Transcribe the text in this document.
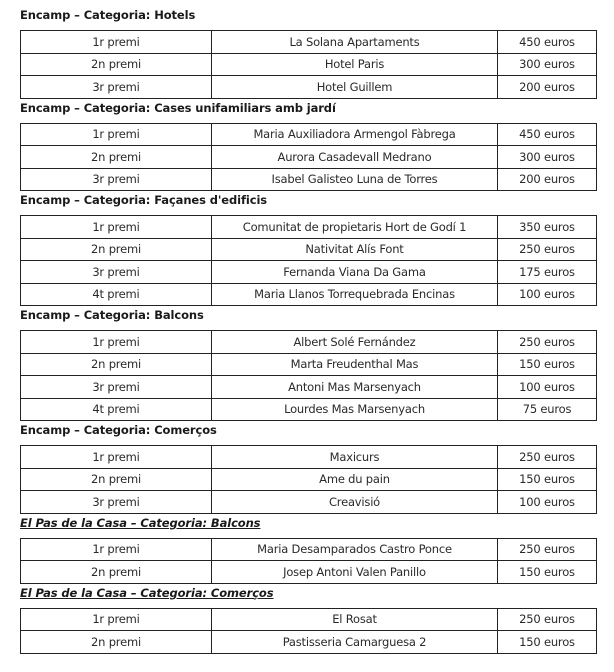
Encamp – Categoria: Hotels
1r premi	La Solana Apartaments	450 euros
2n premi	Hotel Paris	300 euros
3r premi	Hotel Guillem	200 euros
Encamp – Categoria: Cases unifamiliars amb jardí
1r premi	Maria Auxiliadora Armengol Fàbrega	450 euros
2n premi	Aurora Casadevall Medrano	300 euros
3r premi	Isabel Galisteo Luna de Torres	200 euros
Encamp – Categoria: Façanes d'edificis
1r premi	Comunitat de propietaris Hort de Godí 1	350 euros
2n premi	Nativitat Alís Font	250 euros
3r premi	Fernanda Viana Da Gama	175 euros
4t premi	Maria Llanos Torrequebrada Encinas	100 euros
Encamp – Categoria: Balcons
1r premi	Albert Solé Fernández	250 euros
2n premi	Marta Freudenthal Mas	150 euros
3r premi	Antoni Mas Marsenyach	100 euros
4t premi	Lourdes Mas Marsenyach	75 euros
Encamp – Categoria: Comerços
1r premi	Maxicurs	250 euros
2n premi	Ame du pain	150 euros
3r premi	Creavisió	100 euros
El Pas de la Casa – Categoria: Balcons
1r premi	Maria Desamparados Castro Ponce	250 euros
2n premi	Josep Antoni Valen Panillo	150 euros
El Pas de la Casa – Categoria: Comerços
1r premi	El Rosat	250 euros
2n premi	Pastisseria Camarguesa 2	150 euros
